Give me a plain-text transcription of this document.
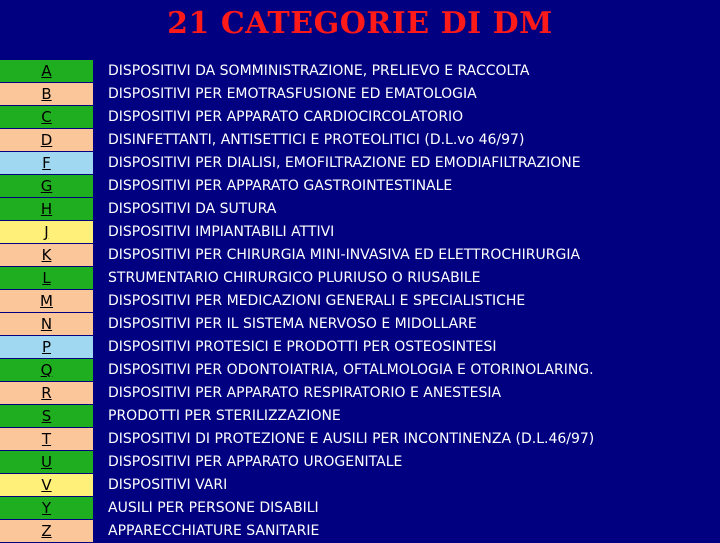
21 CATEGORIE DI DM
A
B
C
D
F
G
H
J
K
L
M
N
P
Q
R
S
T
U
V
Y
Z
DISPOSITIVI DA SOMMINISTRAZIONE, PRELIEVO E RACCOLTA
DISPOSITIVI PER EMOTRASFUSIONE ED EMATOLOGIA
DISPOSITIVI PER APPARATO CARDIOCIRCOLATORIO
DISINFETTANTI, ANTISETTICI E PROTEOLITICI (D.L.vo 46/97)
DISPOSITIVI PER DIALISI, EMOFILTRAZIONE ED EMODIAFILTRAZIONE
DISPOSITIVI PER APPARATO GASTROINTESTINALE
DISPOSITIVI DA SUTURA
DISPOSITIVI IMPIANTABILI ATTIVI
DISPOSITIVI PER CHIRURGIA MINI-INVASIVA ED ELETTROCHIRURGIA
STRUMENTARIO CHIRURGICO PLURIUSO O RIUSABILE
DISPOSITIVI PER MEDICAZIONI GENERALI E SPECIALISTICHE
DISPOSITIVI PER IL SISTEMA NERVOSO E MIDOLLARE
DISPOSITIVI PROTESICI E PRODOTTI PER OSTEOSINTESI
DISPOSITIVI PER ODONTOIATRIA, OFTALMOLOGIA E OTORINOLARING.
DISPOSITIVI PER APPARATO RESPIRATORIO E ANESTESIA
PRODOTTI PER STERILIZZAZIONE
DISPOSITIVI DI PROTEZIONE E AUSILI PER INCONTINENZA (D.L.46/97)
DISPOSITIVI PER APPARATO UROGENITALE
DISPOSITIVI VARI
AUSILI PER PERSONE DISABILI
APPARECCHIATURE SANITARIE
